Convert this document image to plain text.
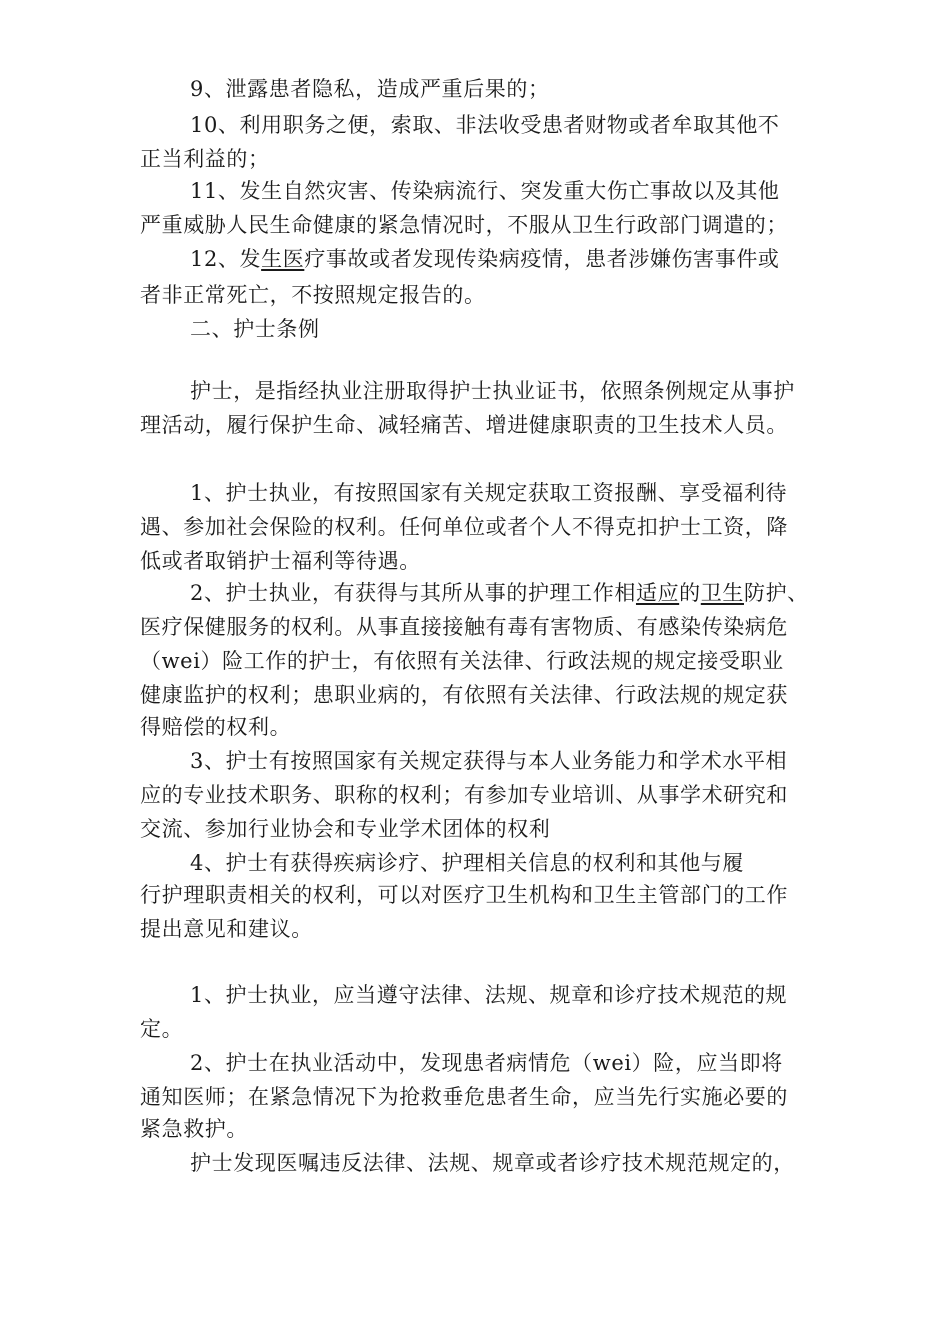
9、泄露患者隐私，造成严重后果的；
10、利用职务之便，索取、非法收受患者财物或者牟取其他不
正当利益的；
11、发生自然灾害、传染病流行、突发重大伤亡事故以及其他
严重威胁人民生命健康的紧急情况时，不服从卫生行政部门调遣的；
12、发生医疗事故或者发现传染病疫情，患者涉嫌伤害事件或
者非正常死亡，不按照规定报告的。
二、护士条例
护士，是指经执业注册取得护士执业证书，依照条例规定从事护
理活动，履行保护生命、减轻痛苦、增进健康职责的卫生技术人员。
1、护士执业，有按照国家有关规定获取工资报酬、享受福利待
遇、参加社会保险的权利。任何单位或者个人不得克扣护士工资，降
低或者取销护士福利等待遇。
2、护士执业，有获得与其所从事的护理工作相适应的卫生防护、
医疗保健服务的权利。从事直接接触有毒有害物质、有感染传染病危
（wei）险工作的护士，有依照有关法律、行政法规的规定接受职业
健康监护的权利；患职业病的，有依照有关法律、行政法规的规定获
得赔偿的权利。
3、护士有按照国家有关规定获得与本人业务能力和学术水平相
应的专业技术职务、职称的权利；有参加专业培训、从事学术研究和
交流、参加行业协会和专业学术团体的权利
4、护士有获得疾病诊疗、护理相关信息的权利和其他与履
行护理职责相关的权利，可以对医疗卫生机构和卫生主管部门的工作
提出意见和建议。
1、护士执业，应当遵守法律、法规、规章和诊疗技术规范的规
定。
2、护士在执业活动中，发现患者病情危（wei）险，应当即将
通知医师；在紧急情况下为抢救垂危患者生命，应当先行实施必要的
紧急救护。
护士发现医嘱违反法律、法规、规章或者诊疗技术规范规定的，
